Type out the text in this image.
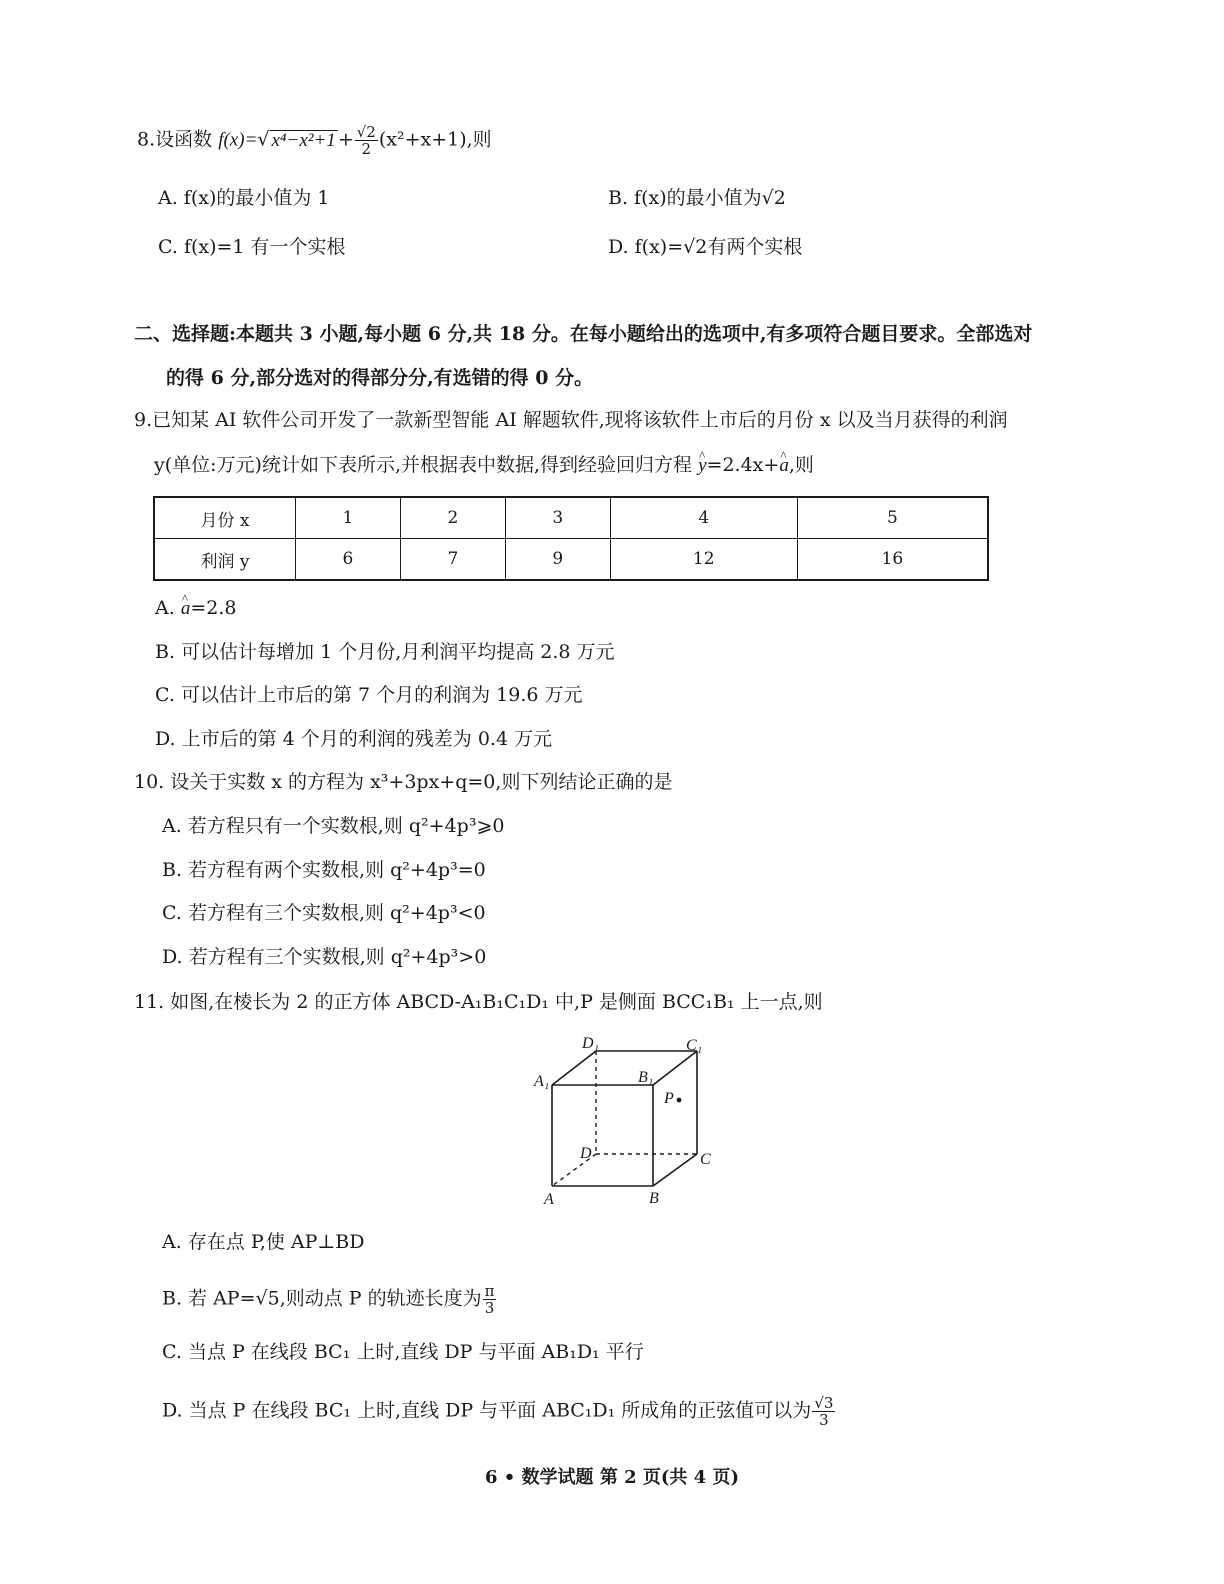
8.设函数 f(x)=√ $x^4-x^2+1 + \frac{√2}{2} (x^2+x+1)$,则
A. f(x)的最小值为 1	B. f(x)的最小值为√2
C. f(x)=1 有一个实根	D. f(x)=√2有两个实根
二、选择题:本题共 3 小题,每小题 6 分,共 18 分。在每小题给出的选项中,有多项符合题目要求。全部选对
的得 6 分,部分选对的得部分分,有选错的得 0 分。
9.已知某 AI 软件公司开发了一款新型智能 AI 解题软件,现将该软件上市后的月份 x 以及当月获得的利润
y(单位:万元)统计如下表所示,并根据表中数据,得到经验回归方程 ^ y=2.4x+^ a,则
月份 x	1	2	3	4	5
利润 y	6	7	9	12	16
A. ^ a=2.8
B. 可以估计每增加 1 个月份,月利润平均提高 2.8 万元
C. 可以估计上市后的第 7 个月的利润为 19.6 万元
D. 上市后的第 4 个月的利润的残差为 0.4 万元
10. 设关于实数 x 的方程为 x³+3px+q=0,则下列结论正确的是
A. 若方程只有一个实数根,则 q²+4p³⩾0
B. 若方程有两个实数根,则 q²+4p³=0
C. 若方程有三个实数根,则 q²+4p³<0
D. 若方程有三个实数根,则 q²+4p³>0
11. 如图,在棱长为 2 的正方体 ABCD-A₁B₁C₁D₁ 中,P 是侧面 BCC₁B₁ 上一点,则
D₁	C₁
A₁	B₁
P
D	C
A	B
A. 存在点 P,使 AP⊥BD
B. 若 AP=√5,则动点 P 的轨迹长度为 $\frac{\pi}{3}$
C. 当点 P 在线段 BC₁ 上时,直线 DP 与平面 AB₁D₁ 平行
D. 当点 P 在线段 BC₁ 上时,直线 DP 与平面 ABC₁D₁ 所成角的正弦值可以为 $\frac{√3}{3}$
6 • 数学试题 第 2 页(共 4 页)
